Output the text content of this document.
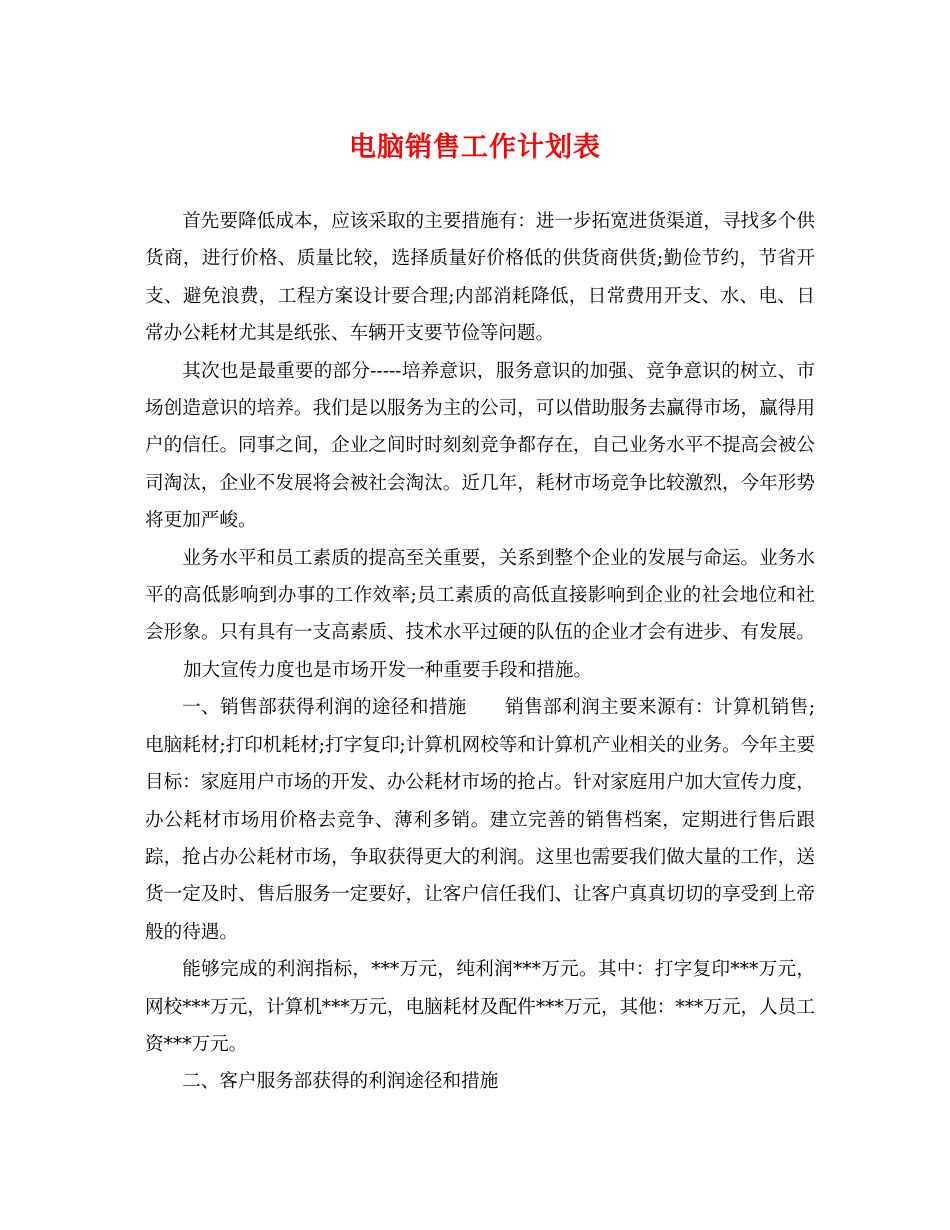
电脑销售工作计划表

首先要降低成本，应该采取的主要措施有：进一步拓宽进货渠道，寻找多个供货商，进行价格、质量比较，选择质量好价格低的供货商供货;勤俭节约，节省开支、避免浪费，工程方案设计要合理;内部消耗降低，日常费用开支、水、电、日常办公耗材尤其是纸张、车辆开支要节俭等问题。

其次也是最重要的部分-----培养意识，服务意识的加强、竞争意识的树立、市场创造意识的培养。我们是以服务为主的公司，可以借助服务去赢得市场，赢得用户的信任。同事之间，企业之间时时刻刻竞争都存在，自己业务水平不提高会被公司淘汰，企业不发展将会被社会淘汰。近几年，耗材市场竞争比较激烈，今年形势将更加严峻。

业务水平和员工素质的提高至关重要，关系到整个企业的发展与命运。业务水平的高低影响到办事的工作效率;员工素质的高低直接影响到企业的社会地位和社会形象。只有具有一支高素质、技术水平过硬的队伍的企业才会有进步、有发展。加大宣传力度也是市场开发一种重要手段和措施。

一、销售部获得利润的途径和措施 销售部利润主要来源有：计算机销售;电脑耗材;打印机耗材;打字复印;计算机网校等和计算机产业相关的业务。今年主要目标：家庭用户市场的开发、办公耗材市场的抢占。针对家庭用户加大宣传力度，办公耗材市场用价格去竞争、薄利多销。建立完善的销售档案，定期进行售后跟踪，抢占办公耗材市场，争取获得更大的利润。这里也需要我们做大量的工作，送货一定及时、售后服务一定要好，让客户信任我们、让客户真真切切的享受到上帝般的待遇。

能够完成的利润指标，***万元，纯利润***万元。其中：打字复印***万元，网校***万元，计算机***万元，电脑耗材及配件***万元，其他：***万元，人员工资***万元。

二、客户服务部获得的利润途径和措施
